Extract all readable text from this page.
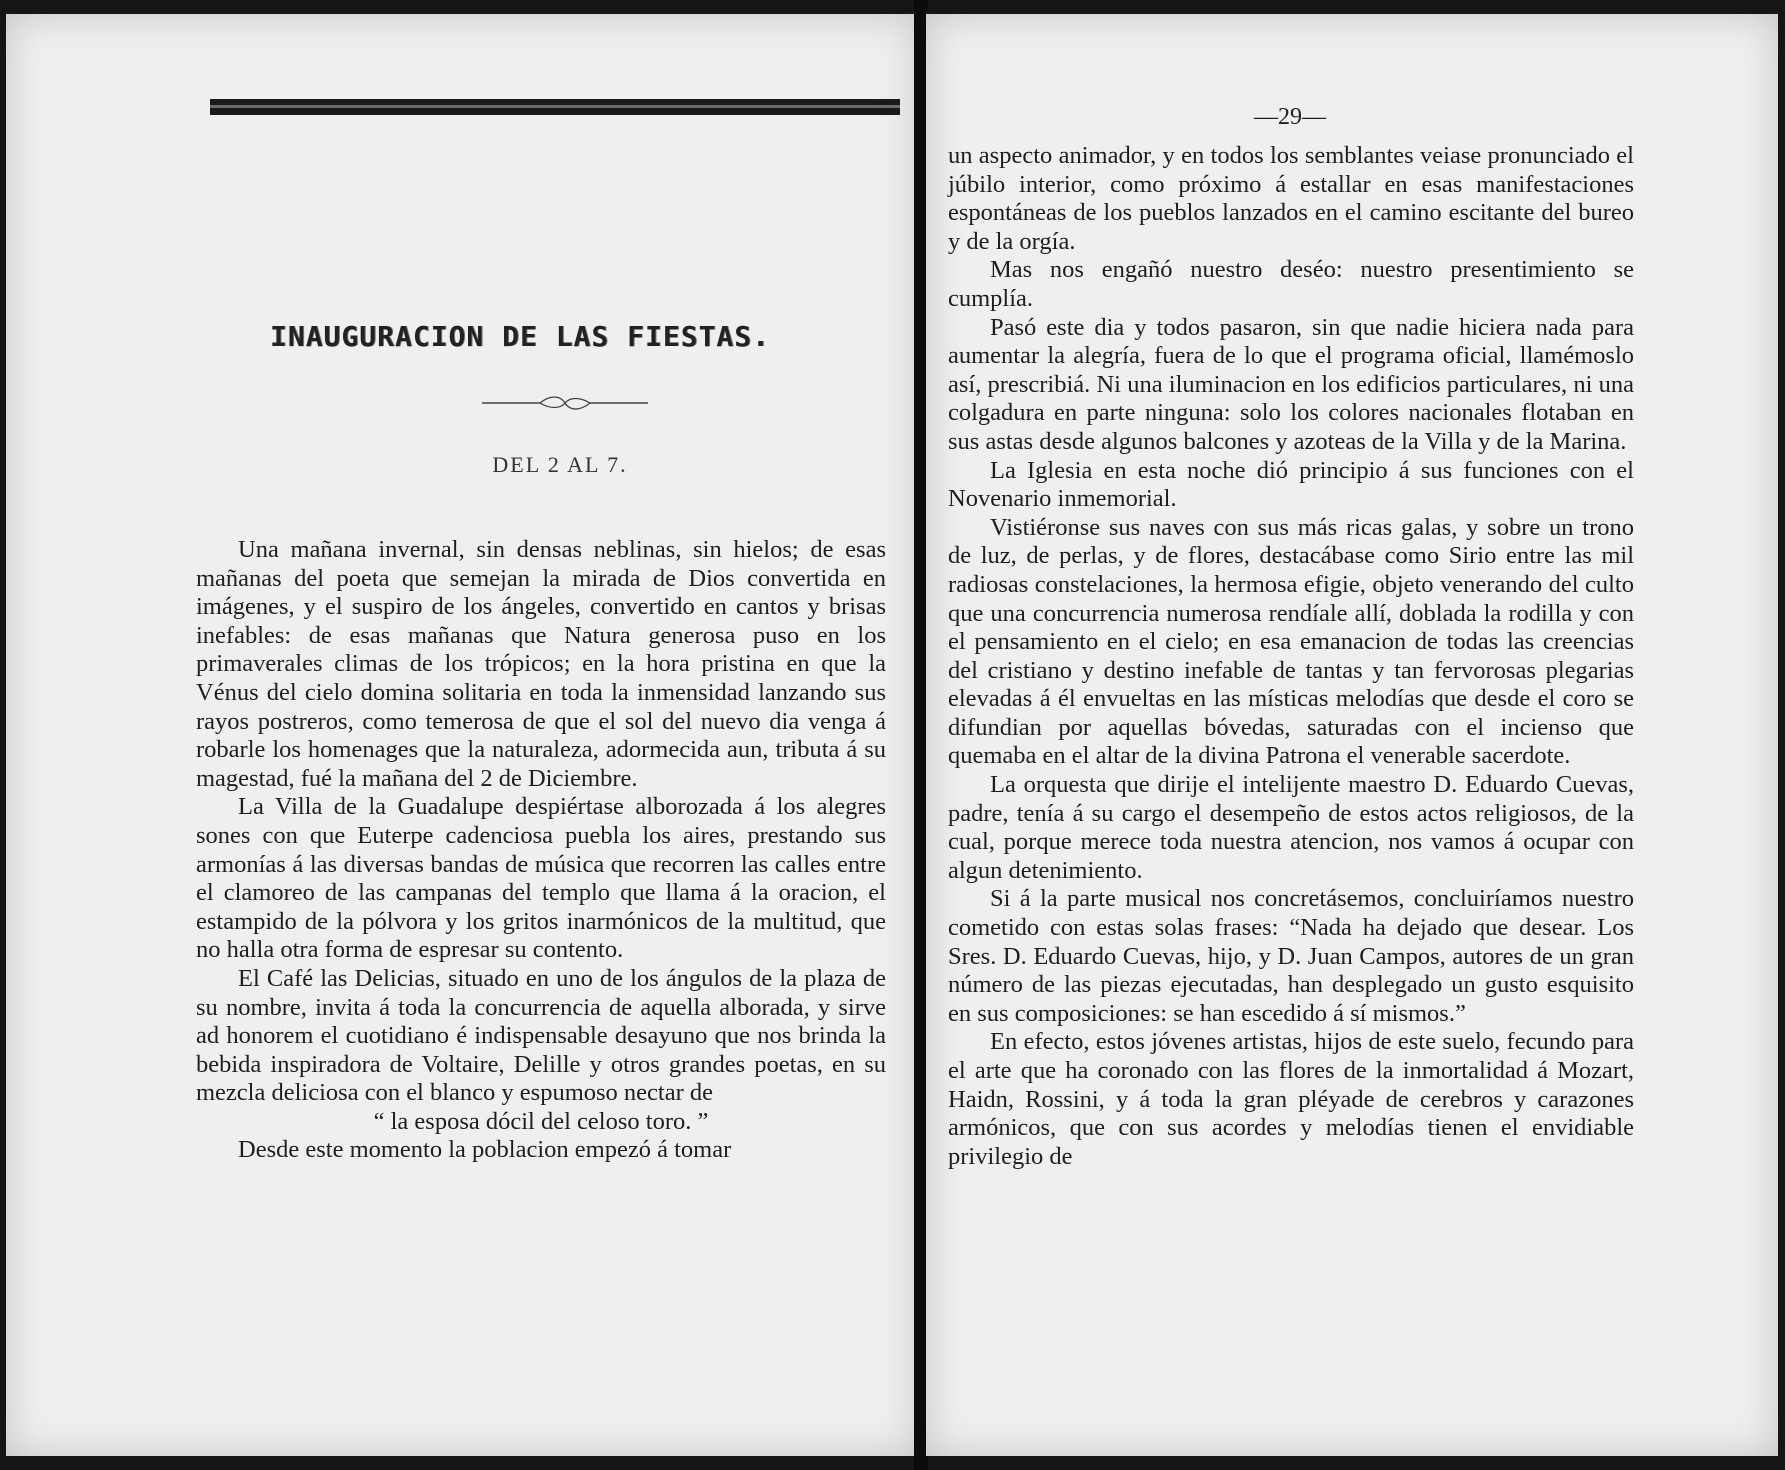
INAUGURACION DE LAS FIESTAS.
DEL 2 AL 7.

Una mañana invernal, sin densas neblinas, sin hielos; de esas mañanas del poeta que semejan la mirada de Dios convertida en imágenes, y el suspiro de los ángeles, convertido en cantos y brisas inefables: de esas mañanas que Natura generosa puso en los primaverales climas de los trópicos; en la hora pristina en que la Vénus del cielo domina solitaria en toda la inmensidad lanzando sus rayos postreros, como temerosa de que el sol del nuevo dia venga á robarle los homenages que la naturaleza, adormecida aun, tributa á su magestad, fué la mañana del 2 de Diciembre.

La Villa de la Guadalupe despiértase alborozada á los alegres sones con que Euterpe cadenciosa puebla los aires, prestando sus armonías á las diversas bandas de música que recorren las calles entre el clamoreo de las campanas del templo que llama á la oracion, el estampido de la pólvora y los gritos inarmónicos de la multitud, que no halla otra forma de espresar su contento.

El Café las Delicias, situado en uno de los ángulos de la plaza de su nombre, invita á toda la concurrencia de aquella alborada, y sirve ad honorem el cuotidiano é indispensable desayuno que nos brinda la bebida inspiradora de Voltaire, Delille y otros grandes poetas, en su mezcla deliciosa con el blanco y espumoso nectar de

“ la esposa dócil del celoso toro. ”

Desde este momento la poblacion empezó á tomar

—29—

un aspecto animador, y en todos los semblantes veiase pronunciado el júbilo interior, como próximo á estallar en esas manifestaciones espontáneas de los pueblos lanzados en el camino escitante del bureo y de la orgía.

Mas nos engañó nuestro deséo: nuestro presentimiento se cumplía.

Pasó este dia y todos pasaron, sin que nadie hiciera nada para aumentar la alegría, fuera de lo que el programa oficial, llamémoslo así, prescribiá. Ni una iluminacion en los edificios particulares, ni una colgadura en parte ninguna: solo los colores nacionales flotaban en sus astas desde algunos balcones y azoteas de la Villa y de la Marina.

La Iglesia en esta noche dió principio á sus funciones con el Novenario inmemorial.

Vistiéronse sus naves con sus más ricas galas, y sobre un trono de luz, de perlas, y de flores, destacábase como Sirio entre las mil radiosas constelaciones, la hermosa efigie, objeto venerando del culto que una concurrencia numerosa rendíale allí, doblada la rodilla y con el pensamiento en el cielo; en esa emanacion de todas las creencias del cristiano y destino inefable de tantas y tan fervorosas plegarias elevadas á él envueltas en las místicas melodías que desde el coro se difundian por aquellas bóvedas, saturadas con el incienso que quemaba en el altar de la divina Patrona el venerable sacerdote.

La orquesta que dirije el intelijente maestro D. Eduardo Cuevas, padre, tenía á su cargo el desempeño de estos actos religiosos, de la cual, porque merece toda nuestra atencion, nos vamos á ocupar con algun detenimiento.

Si á la parte musical nos concretásemos, concluiríamos nuestro cometido con estas solas frases: “Nada ha dejado que desear. Los Sres. D. Eduardo Cuevas, hijo, y D. Juan Campos, autores de un gran número de las piezas ejecutadas, han desplegado un gusto esquisito en sus composiciones: se han escedido á sí mismos.”

En efecto, estos jóvenes artistas, hijos de este suelo, fecundo para el arte que ha coronado con las flores de la inmortalidad á Mozart, Haidn, Rossini, y á toda la gran pléyade de cerebros y carazones armónicos, que con sus acordes y melodías tienen el envidiable privilegio de
